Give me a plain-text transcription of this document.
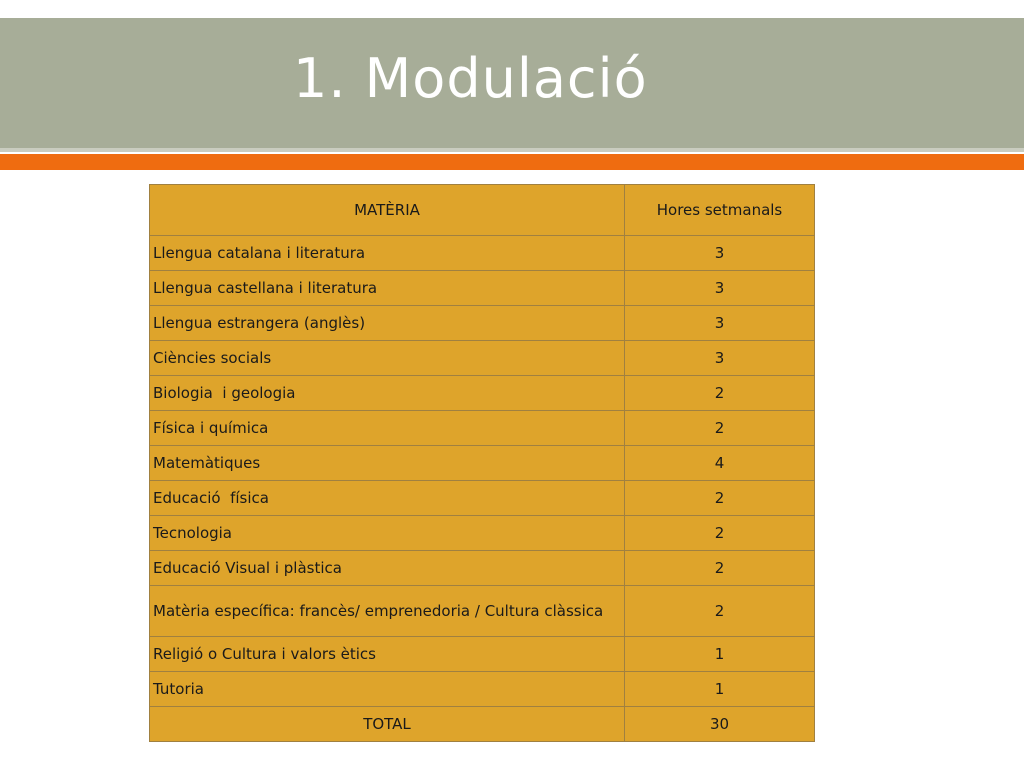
1. Modulació
MATÈRIA	Hores setmanals
Llengua catalana i literatura	3
Llengua castellana i literatura	3
Llengua estrangera (anglès)	3
Ciències socials	3
Biologia  i geologia	2
Física i química	2
Matemàtiques	4
Educació  física	2
Tecnologia	2
Educació Visual i plàstica	2
Matèria específica: francès/ emprenedoria / Cultura clàssica	2
Religió o Cultura i valors ètics	1
Tutoria	1
TOTAL	30
